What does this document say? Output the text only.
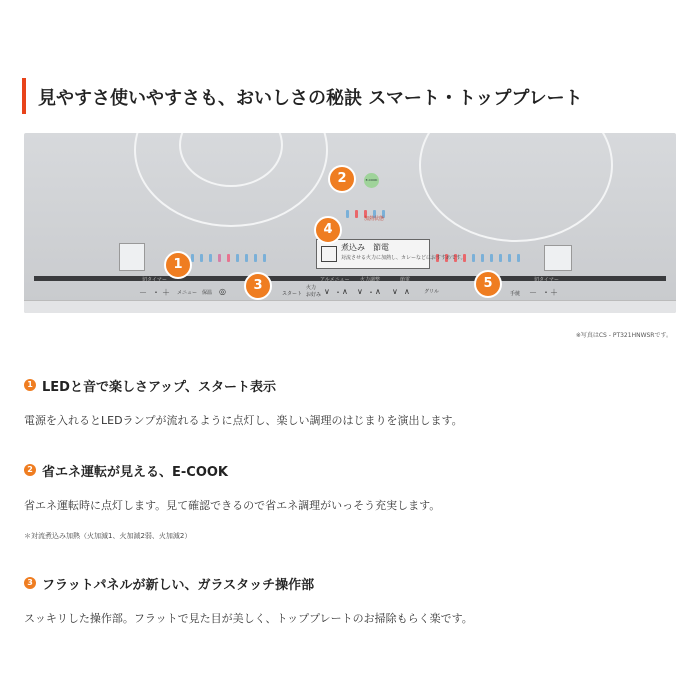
見やすさ使いやすさも、おいしさの秘訣 スマート・トッププレート
加熱状態
E-COOK
煮込み　節電
対流させる火力に加熱し、カレーなどにおすすめです。
切タイマー	切タイマー
アルメニュー 火力調整	節電
－ ・ ＋ メニュー 保温 ◎	スタート
火力
お好み ∨ ・ ∧ ∨ ・ ∧ ∨ ∧	グリル	手焼 － ・ ＋
1
2
3
4
5
※写真はCS - PT321HNWSRです。
1 LEDと音で楽しさアップ、スタート表示
電源を入れるとLEDランプが流れるように点灯し、楽しい調理のはじまりを演出します。
2 省エネ運転が見える、E-COOK
省エネ運転時に点灯します。見て確認できるので省エネ調理がいっそう充実します。
＊対流煮込み加熱（火加減1、火加減2弱、火加減2）
3 フラットパネルが新しい、ガラスタッチ操作部
スッキリした操作部。フラットで見た目が美しく、トッププレートのお掃除もらく楽です。
